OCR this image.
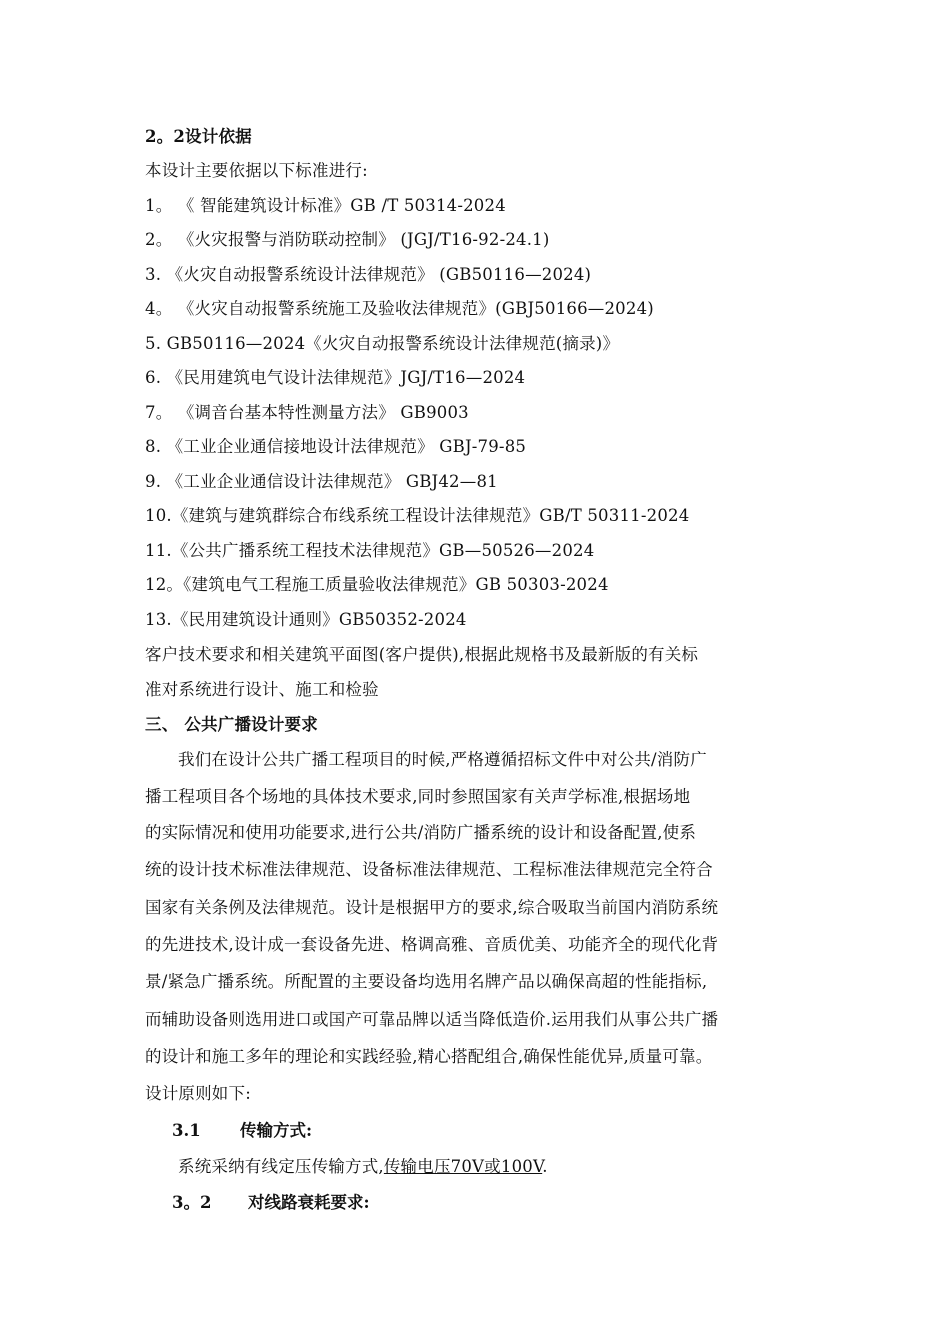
2。2设计依据
本设计主要依据以下标准进行:
1。 《 智能建筑设计标准》GB /T 50314-2024
2。 《火灾报警与消防联动控制》 (JGJ/T16-92-24.1)
3. 《火灾自动报警系统设计法律规范》 (GB50116—2024)
4。 《火灾自动报警系统施工及验收法律规范》(GBJ50166—2024)
5. GB50116—2024《火灾自动报警系统设计法律规范(摘录)》
6. 《民用建筑电气设计法律规范》JGJ/T16—2024
7。 《调音台基本特性测量方法》 GB9003
8. 《工业企业通信接地设计法律规范》 GBJ-79-85
9. 《工业企业通信设计法律规范》 GBJ42—81
10.《建筑与建筑群综合布线系统工程设计法律规范》GB/T 50311-2024
11.《公共广播系统工程技术法律规范》GB—50526—2024
12。《建筑电气工程施工质量验收法律规范》GB 50303-2024
13.《民用建筑设计通则》GB50352-2024
客户技术要求和相关建筑平面图(客户提供),根据此规格书及最新版的有关标
准对系统进行设计、施工和检验
三、 公共广播设计要求
我们在设计公共广播工程项目的时候,严格遵循招标文件中对公共/消防广
播工程项目各个场地的具体技术要求,同时参照国家有关声学标准,根据场地
的实际情况和使用功能要求,进行公共/消防广播系统的设计和设备配置,使系
统的设计技术标准法律规范、设备标准法律规范、工程标准法律规范完全符合
国家有关条例及法律规范。设计是根据甲方的要求,综合吸取当前国内消防系统
的先进技术,设计成一套设备先进、格调高雅、音质优美、功能齐全的现代化背
景/紧急广播系统。所配置的主要设备均选用名牌产品以确保高超的性能指标,
而辅助设备则选用进口或国产可靠品牌以适当降低造价.运用我们从事公共广播
的设计和施工多年的理论和实践经验,精心搭配组合,确保性能优异,质量可靠。
设计原则如下:
3.1 传输方式:
系统采纳有线定压传输方式,传输电压70V或100V.
3。2 对线路衰耗要求:
